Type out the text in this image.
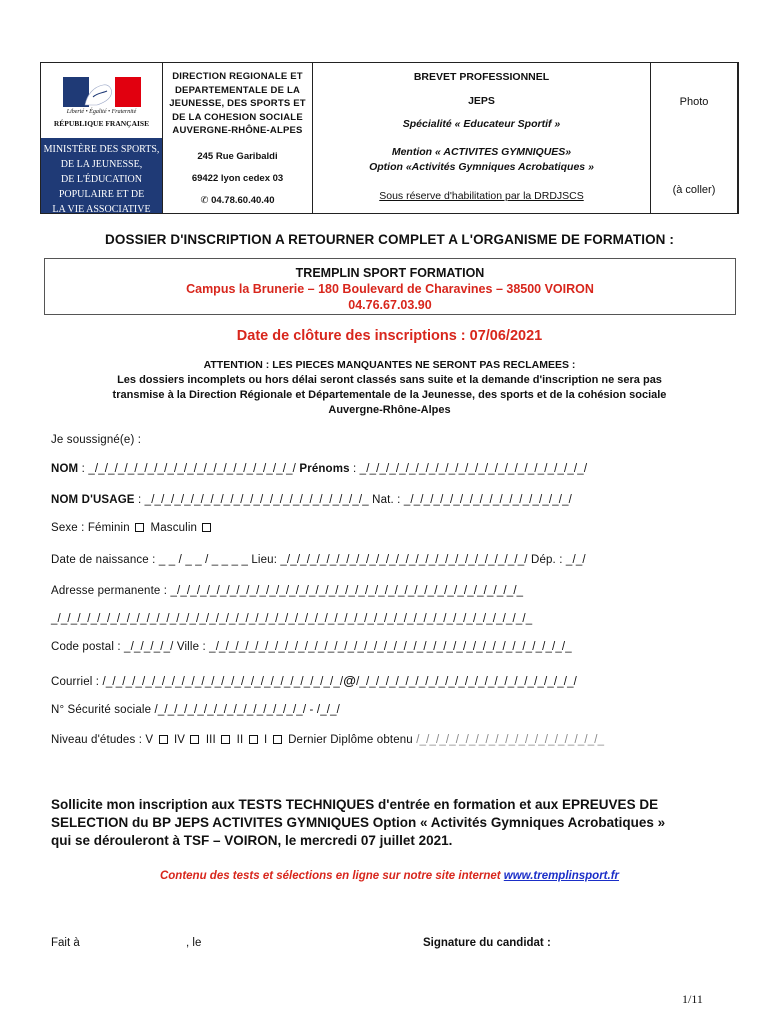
Liberté • Égalité • Fraternité
RÉPUBLIQUE FRANÇAISE
MINISTÈRE DES SPORTS,
DE LA JEUNESSE,
DE L'ÉDUCATION
POPULAIRE ET DE
LA VIE ASSOCIATIVE
DIRECTION REGIONALE ET
DEPARTEMENTALE DE LA
JEUNESSE, DES SPORTS ET
DE LA COHESION SOCIALE
AUVERGNE-RHÔNE-ALPES
245 Rue Garibaldi
69422 lyon cedex 03
✆ 04.78.60.40.40
BREVET PROFESSIONNEL
JEPS
Spécialité « Educateur Sportif »
Mention « ACTIVITES GYMNIQUES»
Option «Activités Gymniques Acrobatiques »
Sous réserve d'habilitation par la DRDJSCS
Photo
(à coller)
DOSSIER D'INSCRIPTION A RETOURNER COMPLET A L'ORGANISME DE FORMATION :
TREMPLIN SPORT FORMATION
Campus la Brunerie – 180 Boulevard de Charavines – 38500 VOIRON
04.76.67.03.90
Date de clôture des inscriptions : 07/06/2021
ATTENTION : LES PIECES MANQUANTES NE SERONT PAS RECLAMEES :
Les dossiers incomplets ou hors délai seront classés sans suite et la demande d'inscription ne sera pas
transmise à la Direction Régionale et Départementale de la Jeunesse, des sports et de la cohésion sociale
Auvergne-Rhône-Alpes
Je soussigné(e) :
NOM : _/_/_/_/_/_/_/_/_/_/_/_/_/_/_/_/_/_/_/_/_/ Prénoms : _/_/_/_/_/_/_/_/_/_/_/_/_/_/_/_/_/_/_/_/_/_/_/
NOM D'USAGE : _/_/_/_/_/_/_/_/_/_/_/_/_/_/_/_/_/_/_/_/_/_/_ Nat. : _/_/_/_/_/_/_/_/_/_/_/_/_/_/_/_/_/
Sexe : Féminin Masculin
Date de naissance : _ _ / _ _ / _ _ _ _ Lieu: _/_/_/_/_/_/_/_/_/_/_/_/_/_/_/_/_/_/_/_/_/_/_/_/_/ Dép. : _/_/
Adresse permanente : _/_/_/_/_/_/_/_/_/_/_/_/_/_/_/_/_/_/_/_/_/_/_/_/_/_/_/_/_/_/_/_/_/_/_/_
_/_/_/_/_/_/_/_/_/_/_/_/_/_/_/_/_/_/_/_/_/_/_/_/_/_/_/_/_/_/_/_/_/_/_/_/_/_/_/_/_/_/_/_/_/_/_/_/_
Code postal : _/_/_/_/_/ Ville : _/_/_/_/_/_/_/_/_/_/_/_/_/_/_/_/_/_/_/_/_/_/_/_/_/_/_/_/_/_/_/_/_/_/_/_/_
Courriel : /_/_/_/_/_/_/_/_/_/_/_/_/_/_/_/_/_/_/_/_/_/_/_/_/@/_/_/_/_/_/_/_/_/_/_/_/_/_/_/_/_/_/_/_/_/_/_/
N° Sécurité sociale /_/_/_/_/_/_/_/_/_/_/_/_/_/_/_/ - /_/_/
Niveau d'études : V IV III II I Dernier Diplôme obtenu /_/_/_/_/_/_/_/_/_/_/_/_/_/_/_/_/_/_/_
Sollicite mon inscription aux TESTS TECHNIQUES d'entrée en formation et aux EPREUVES DE
SELECTION du BP JEPS ACTIVITES GYMNIQUES Option « Activités Gymniques Acrobatiques »
qui se dérouleront à TSF – VOIRON, le mercredi 07 juillet 2021.
Contenu des tests et sélections en ligne sur notre site internet www.tremplinsport.fr
Fait à	, le	Signature du candidat :
1/11
